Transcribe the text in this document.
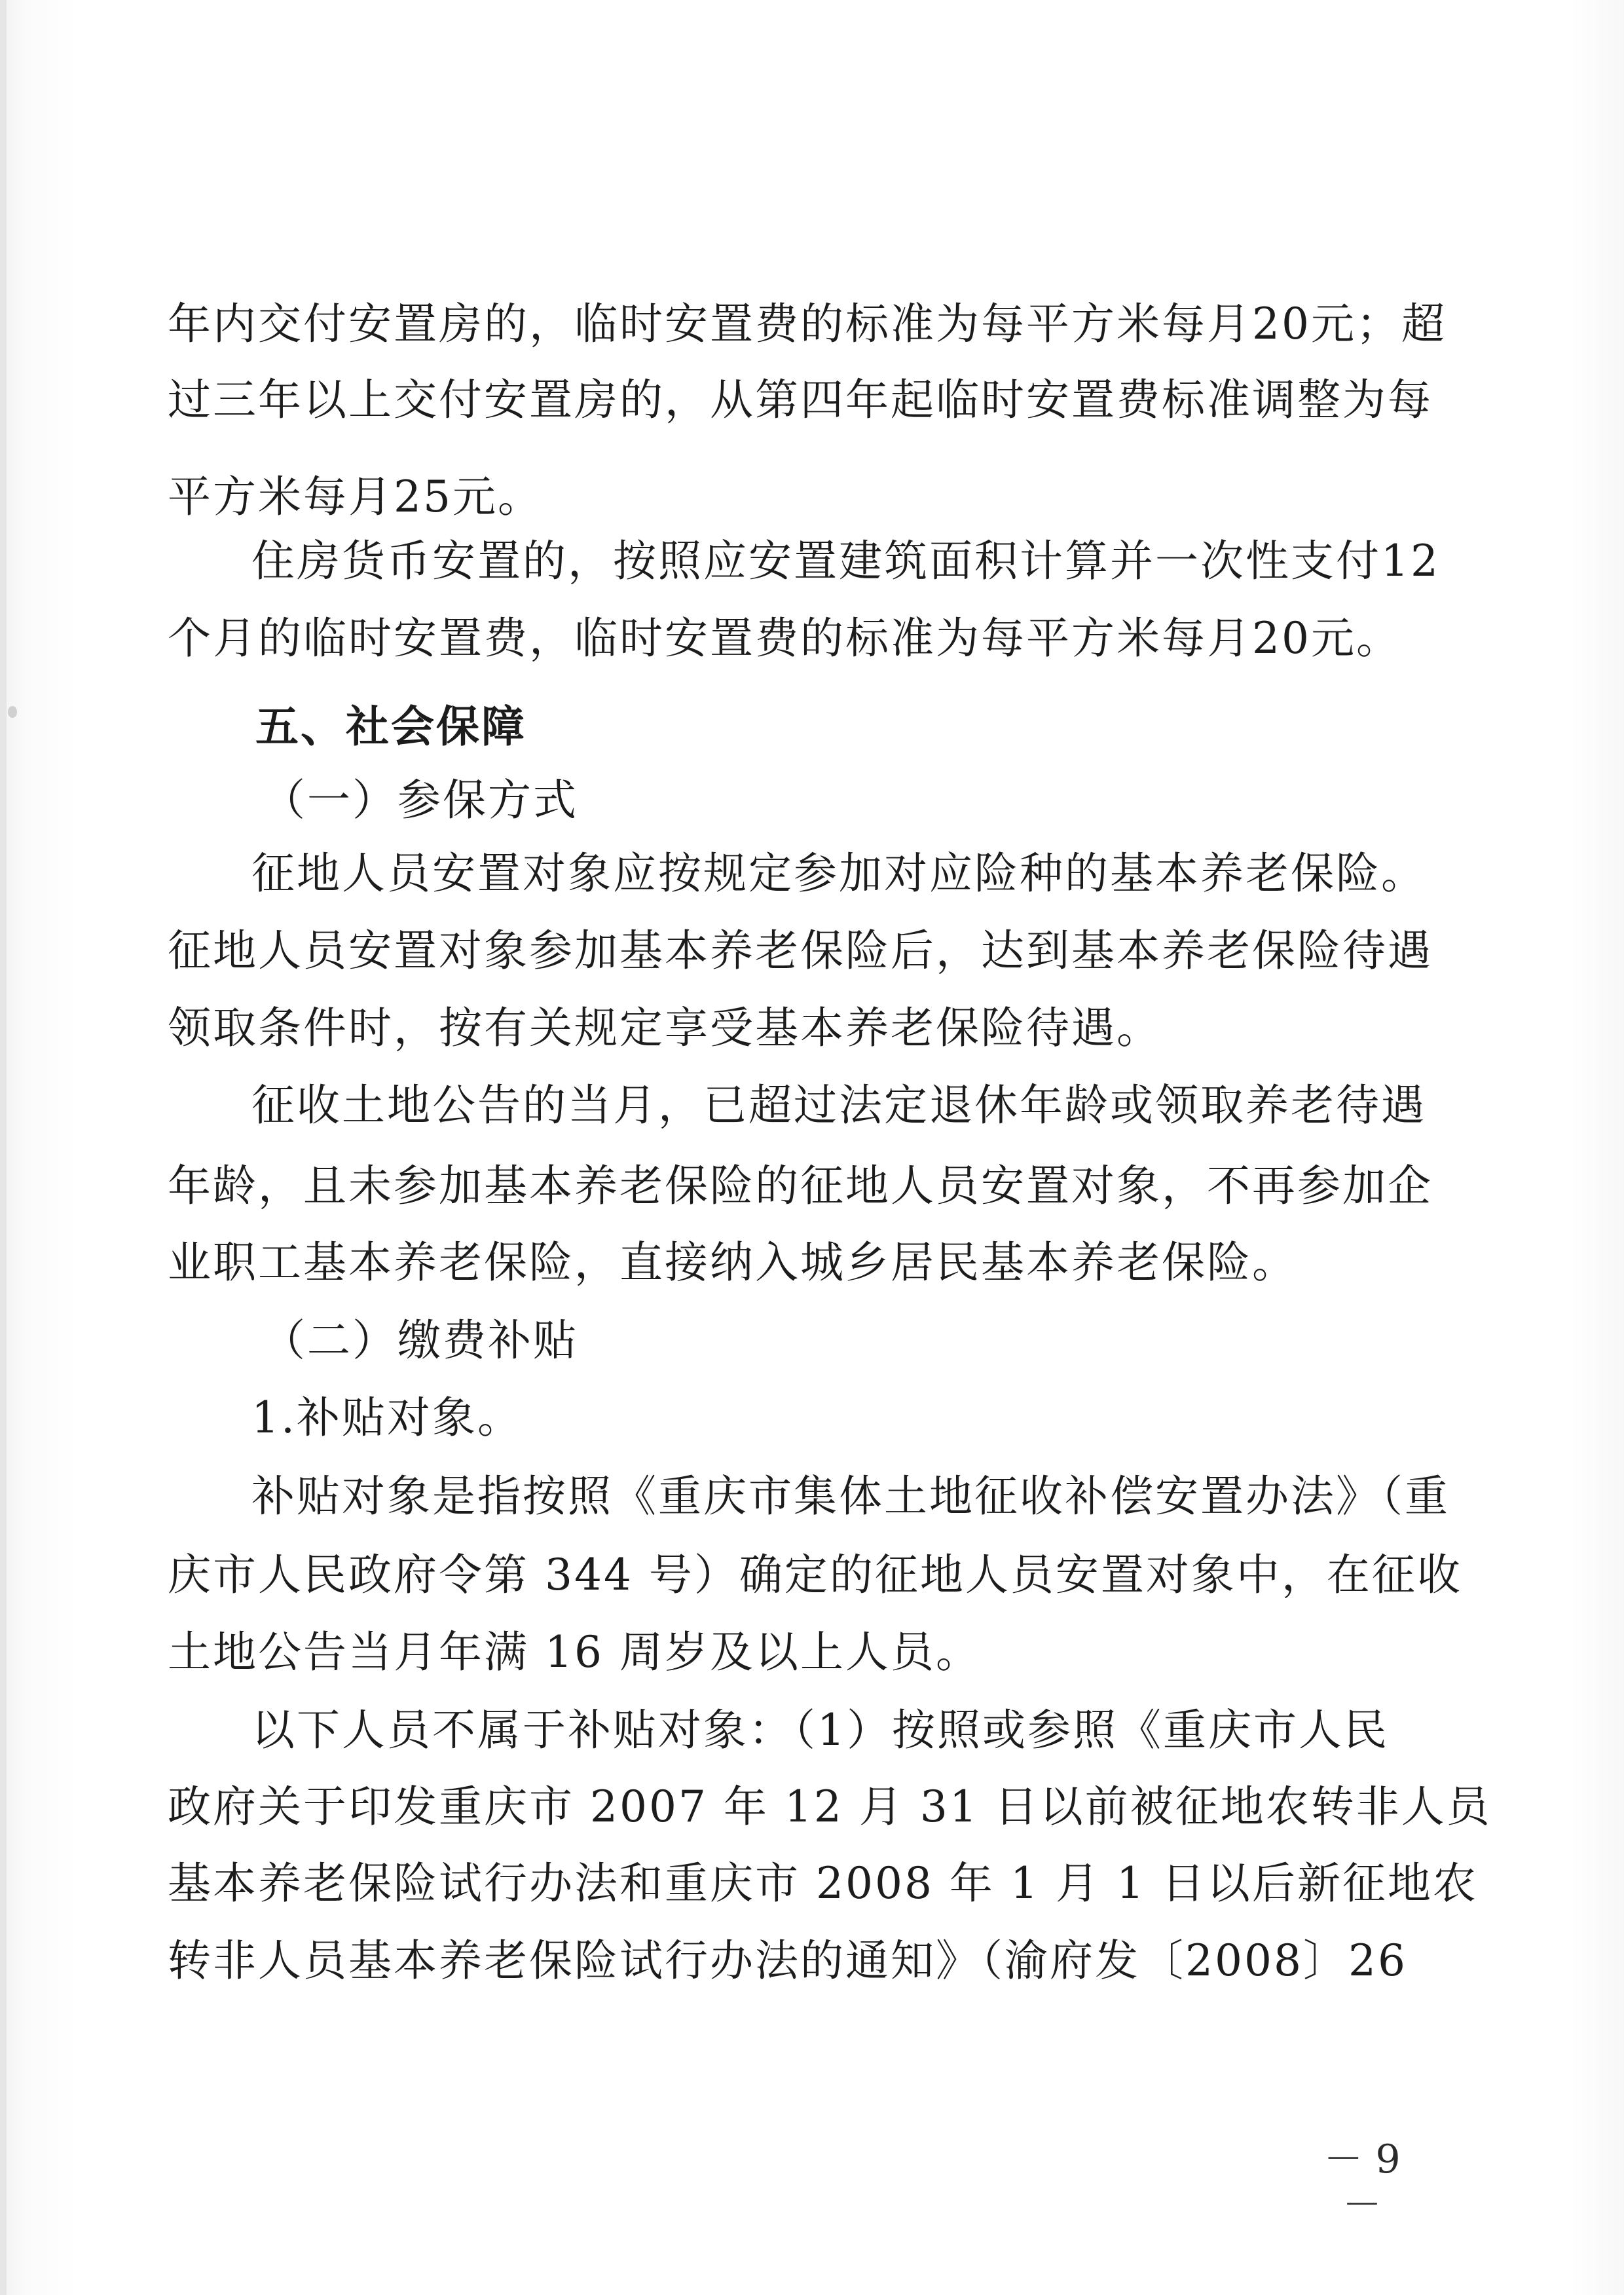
年内交付安置房的，临时安置费的标准为每平方米每月20元；超
过三年以上交付安置房的，从第四年起临时安置费标准调整为每
平方米每月25元。
住房货币安置的，按照应安置建筑面积计算并一次性支付12
个月的临时安置费，临时安置费的标准为每平方米每月20元。
五、社会保障
（一）参保方式
征地人员安置对象应按规定参加对应险种的基本养老保险。
征地人员安置对象参加基本养老保险后，达到基本养老保险待遇
领取条件时，按有关规定享受基本养老保险待遇。
征收土地公告的当月，已超过法定退休年龄或领取养老待遇
年龄，且未参加基本养老保险的征地人员安置对象，不再参加企
业职工基本养老保险，直接纳入城乡居民基本养老保险。
（二）缴费补贴
1.补贴对象。
补贴对象是指按照《重庆市集体土地征收补偿安置办法》（重
庆市人民政府令第 344 号）确定的征地人员安置对象中，在征收
土地公告当月年满 16 周岁及以上人员。
以下人员不属于补贴对象：（1）按照或参照《重庆市人民
政府关于印发重庆市 2007 年 12 月 31 日以前被征地农转非人员
基本养老保险试行办法和重庆市 2008 年 1 月 1 日以后新征地农
转非人员基本养老保险试行办法的通知》（渝府发〔2008〕26
－ 9 －
